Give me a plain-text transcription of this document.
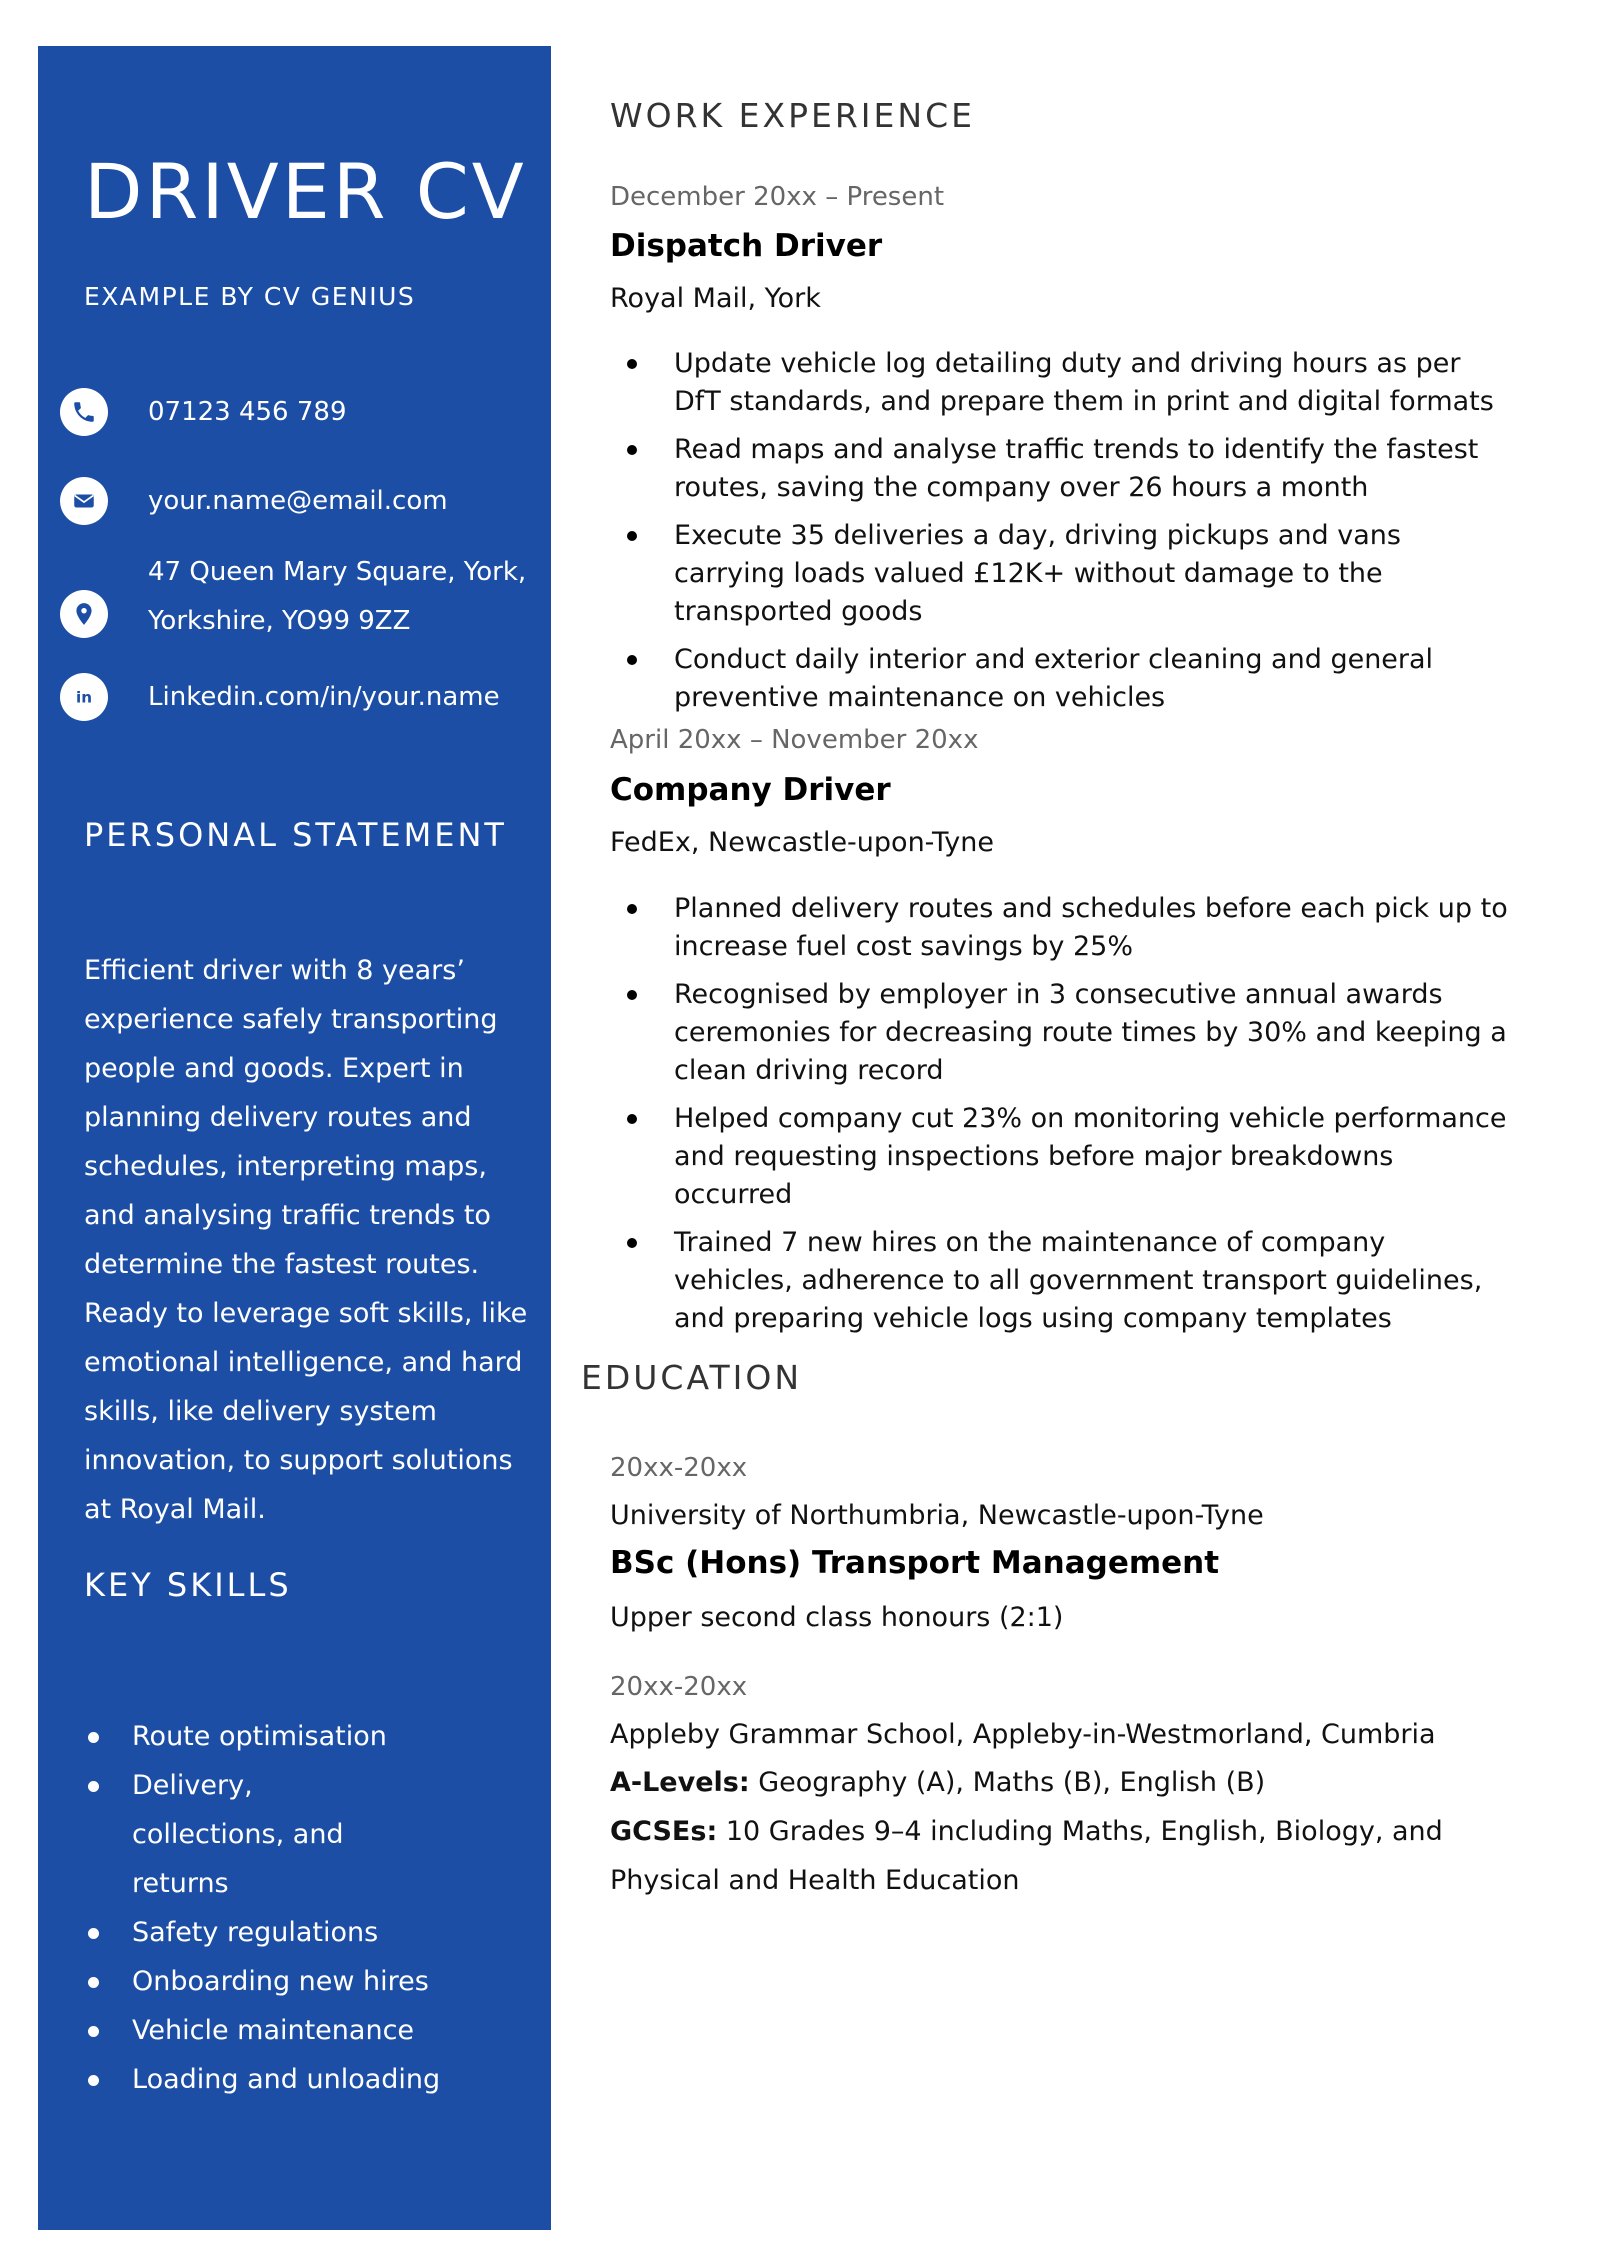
DRIVER CV
EXAMPLE BY CV GENIUS
07123 456 789
your.name@email.com
47 Queen Mary Square, York,
Yorkshire, YO99 9ZZ
in Linkedin.com/in/your.name
PERSONAL STATEMENT
Efficient driver with 8 years’ experience safely transporting people and goods. Expert in planning delivery routes and schedules, interpreting maps, and analysing traffic trends to determine the fastest routes. Ready to leverage soft skills, like emotional intelligence, and hard skills, like delivery system innovation, to support solutions at Royal Mail.
KEY SKILLS
Route optimisation
Delivery, collections, and returns
Safety regulations
Onboarding new hires
Vehicle maintenance
Loading and unloading
WORK EXPERIENCE
December 20xx – Present
Dispatch Driver
Royal Mail, York
Update vehicle log detailing duty and driving hours as per DfT standards, and prepare them in print and digital formats
Read maps and analyse traffic trends to identify the fastest routes, saving the company over 26 hours a month
Execute 35 deliveries a day, driving pickups and vans carrying loads valued £12K+ without damage to the transported goods
Conduct daily interior and exterior cleaning and general preventive maintenance on vehicles
April 20xx – November 20xx
Company Driver
FedEx, Newcastle-upon-Tyne
Planned delivery routes and schedules before each pick up to increase fuel cost savings by 25%
Recognised by employer in 3 consecutive annual awards ceremonies for decreasing route times by 30% and keeping a clean driving record
Helped company cut 23% on monitoring vehicle performance and requesting inspections before major breakdowns occurred
Trained 7 new hires on the maintenance of company vehicles, adherence to all government transport guidelines, and preparing vehicle logs using company templates
EDUCATION
20xx-20xx
University of Northumbria, Newcastle-upon-Tyne
BSc (Hons) Transport Management
Upper second class honours (2:1)
20xx-20xx
Appleby Grammar School, Appleby-in-Westmorland, Cumbria
A-Levels: Geography (A), Maths (B), English (B)
GCSEs: 10 Grades 9–4 including Maths, English, Biology, and Physical and Health Education
